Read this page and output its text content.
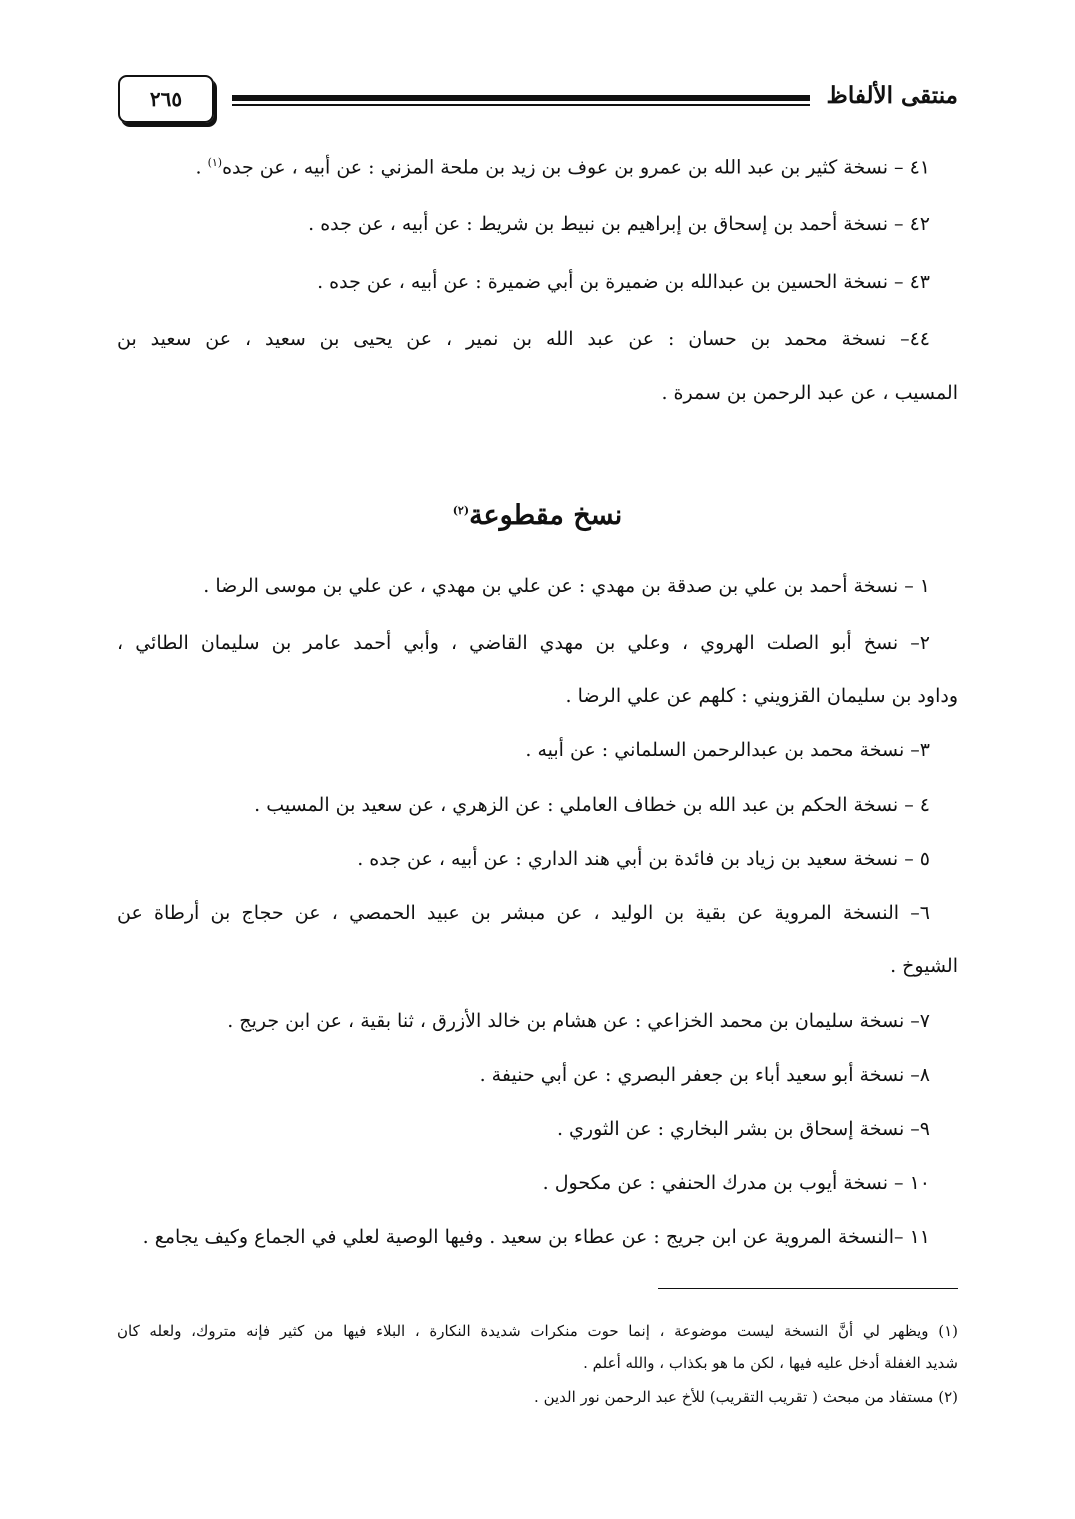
منتقى الألفاظ
٢٦٥
٤١ – نسخة كثير بن عبد الله بن عمرو بن عوف بن زيد بن ملحة المزني : عن أبيه ، عن جده$^{(١)}$ .
٤٢ – نسخة أحمد بن إسحاق بن إبراهيم بن نبيط بن شريط : عن أبيه ، عن جده .
٤٣ – نسخة الحسين بن عبدالله بن ضميرة بن أبي ضميرة : عن أبيه ، عن جده .
٤٤– نسخة محمد بن حسان : عن عبد الله بن نمير ، عن يحيى بن سعيد ، عن سعيد بن
المسيب ، عن عبد الرحمن بن سمرة .
نسخ مقطوعة$^{(٢)}$
١ – نسخة أحمد بن علي بن صدقة بن مهدي : عن علي بن مهدي ، عن علي بن موسى الرضا .
٢– نسخ أبو الصلت الهروي ، وعلي بن مهدي القاضي ، وأبي أحمد عامر بن سليمان الطائي ،
وداود بن سليمان القزويني : كلهم عن علي الرضا .
٣– نسخة محمد بن عبدالرحمن السلماني : عن أبيه .
٤ – نسخة الحكم بن عبد الله بن خطاف العاملي : عن الزهري ، عن سعيد بن المسيب .
٥ – نسخة سعيد بن زياد بن فائدة بن أبي هند الداري : عن أبيه ، عن جده .
٦– النسخة المروية عن بقية بن الوليد ، عن مبشر بن عبيد الحمصي ، عن حجاج بن أرطاة عن
الشيوخ .
٧– نسخة سليمان بن محمد الخزاعي : عن هشام بن خالد الأزرق ، ثنا بقية ، عن ابن جريج .
٨– نسخة أبو سعيد أباء بن جعفر البصري : عن أبي حنيفة .
٩– نسخة إسحاق بن بشر البخاري : عن الثوري .
١٠ – نسخة أيوب بن مدرك الحنفي : عن مكحول .
١١ –النسخة المروية عن ابن جريج : عن عطاء بن سعيد . وفيها الوصية لعلي في الجماع وكيف يجامع .
(١) ويظهر لي أنَّ النسخة ليست موضوعة ، إنما حوت منكرات شديدة النكارة ، البلاء فيها من كثير فإنه متروك، ولعله كان
شديد الغفلة أدخل عليه فيها ، لكن ما هو بكذاب ، والله أعلم .
(٢) مستفاد من مبحث ( تقريب التقريب) للأخ عبد الرحمن نور الدين .
